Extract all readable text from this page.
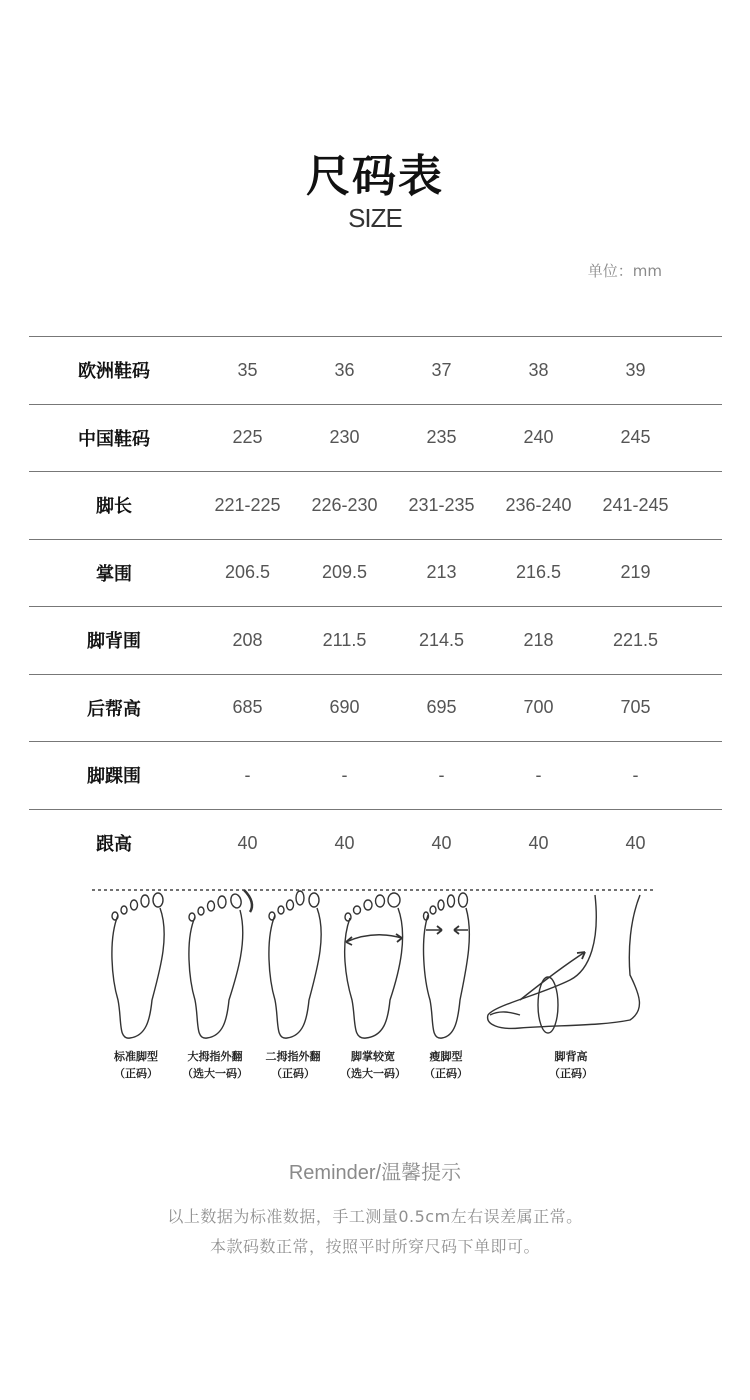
尺码表
SIZE
单位：mm
欧洲鞋码	35	36	37	38	39	
中国鞋码	225	230	235	240	245	
脚长	221-225	226-230	231-235	236-240	241-245	
掌围	206.5	209.5	213	216.5	219	
脚背围	208	211.5	214.5	218	221.5	
后帮高	685	690	695	700	705	
脚踝围	-	-	-	-	-	
跟高	40	40	40	40	40	
标准脚型
（正码）
大拇指外翻
（选大一码）
二拇指外翻
（正码）
脚掌较宽
（选大一码）
瘦脚型
（正码）
脚背高
（正码）
Reminder/温馨提示
以上数据为标准数据，手工测量0.5cm左右误差属正常。
本款码数正常，按照平时所穿尺码下单即可。
